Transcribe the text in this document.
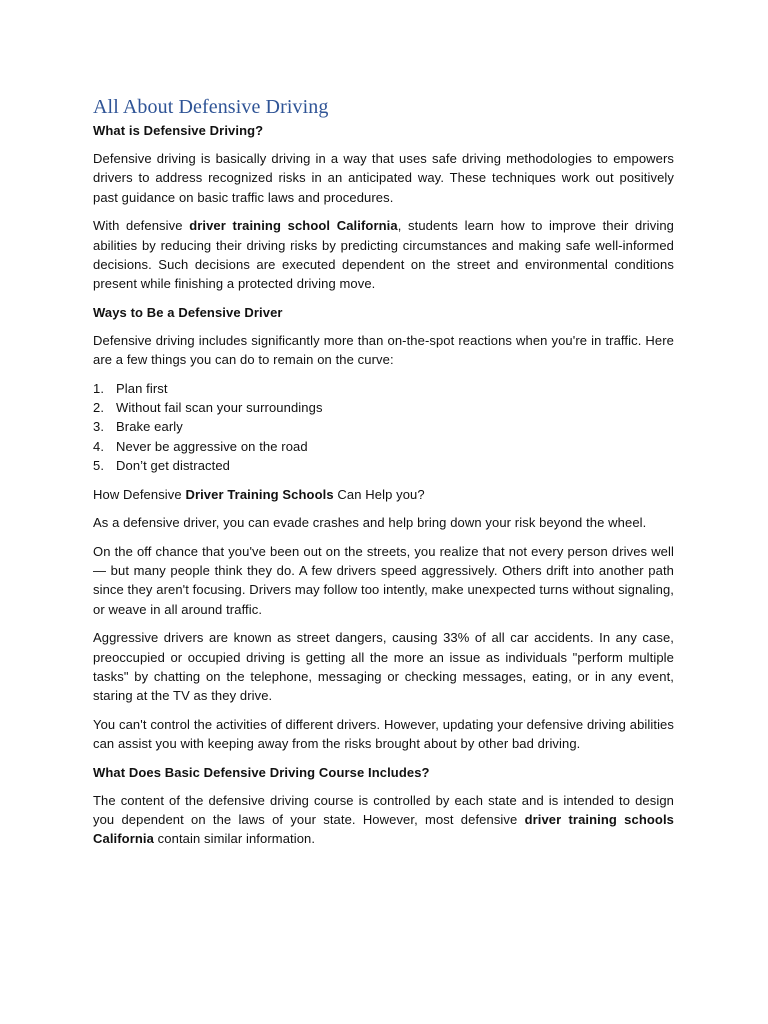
All About Defensive Driving
What is Defensive Driving?

Defensive driving is basically driving in a way that uses safe driving methodologies to empowers drivers to address recognized risks in an anticipated way. These techniques work out positively past guidance on basic traffic laws and procedures.

With defensive driver training school California, students learn how to improve their driving abilities by reducing their driving risks by predicting circumstances and making safe well-informed decisions. Such decisions are executed dependent on the street and environmental conditions present while finishing a protected driving move.

Ways to Be a Defensive Driver

Defensive driving includes significantly more than on-the-spot reactions when you're in traffic. Here are a few things you can do to remain on the curve:

1. Plan first
2. Without fail scan your surroundings
3. Brake early
4. Never be aggressive on the road
5. Don’t get distracted

How Defensive Driver Training Schools Can Help you?

As a defensive driver, you can evade crashes and help bring down your risk beyond the wheel.

On the off chance that you've been out on the streets, you realize that not every person drives well — but many people think they do. A few drivers speed aggressively. Others drift into another path since they aren't focusing. Drivers may follow too intently, make unexpected turns without signaling, or weave in all around traffic.

Aggressive drivers are known as street dangers, causing 33% of all car accidents. In any case, preoccupied or occupied driving is getting all the more an issue as individuals "perform multiple tasks" by chatting on the telephone, messaging or checking messages, eating, or in any event, staring at the TV as they drive.

You can't control the activities of different drivers. However, updating your defensive driving abilities can assist you with keeping away from the risks brought about by other bad driving.

What Does Basic Defensive Driving Course Includes?

The content of the defensive driving course is controlled by each state and is intended to design you dependent on the laws of your state. However, most defensive driver training schools California contain similar information.
